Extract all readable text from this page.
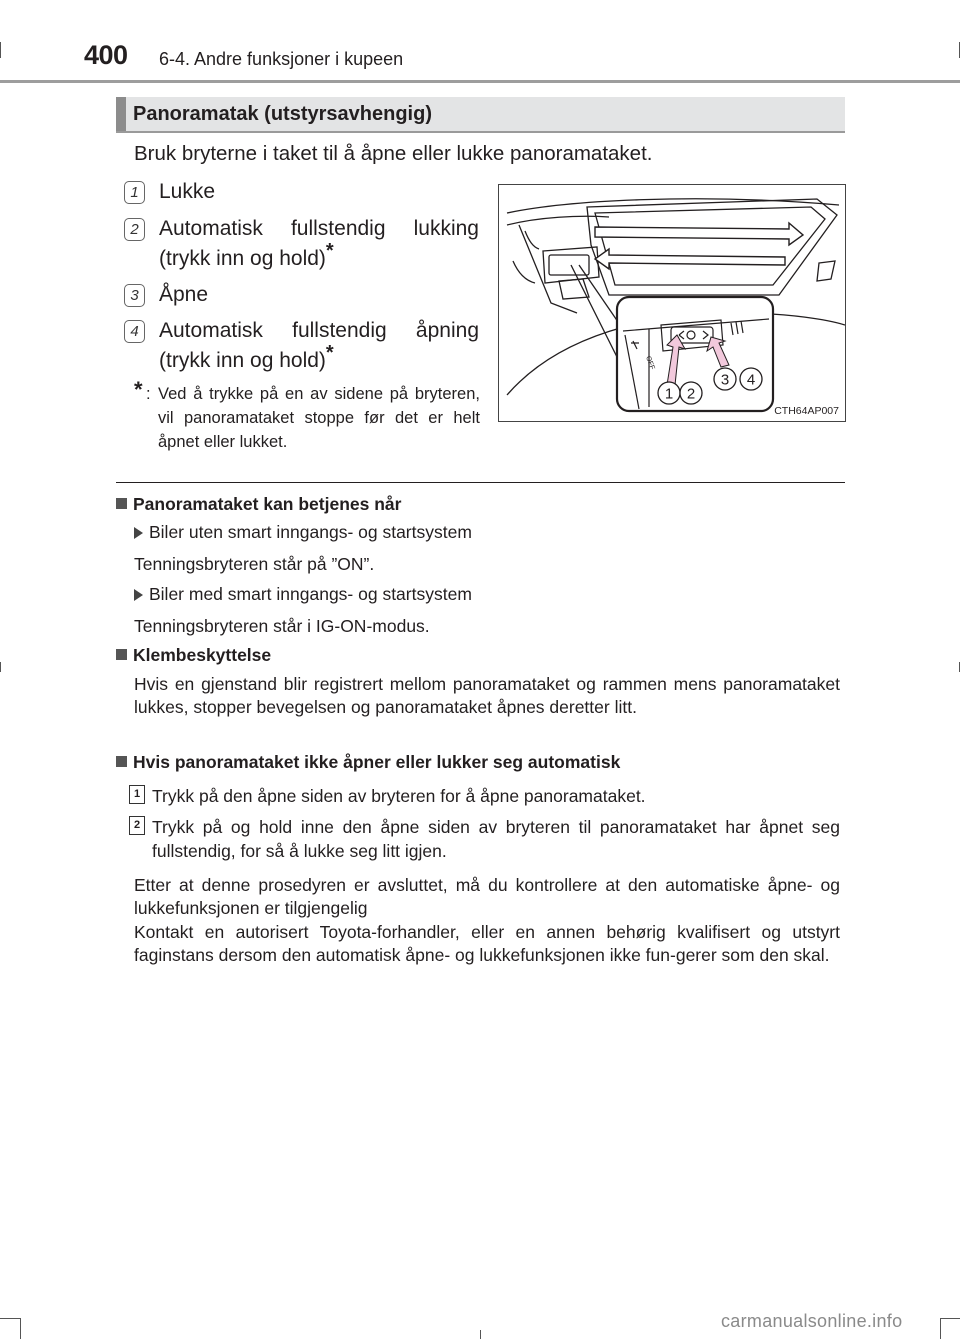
400 6-4. Andre funksjoner i kupeen
Panoramatak (utstyrsavhengig)
Bruk bryterne i taket til å åpne eller lukke panoramataket.
1 Lukke
2 Automatisk fullstendig lukking (trykk inn og hold)*
3 Åpne
4 Automatisk fullstendig åpning (trykk inn og hold)*
* : Ved å trykke på en av sidene på bryteren, vil panoramataket stoppe før det er helt åpnet eller lukket.
OFF
1 2
3 4
CTH64AP007
Panoramataket kan betjenes når
Biler uten smart inngangs- og startsystem
Tenningsbryteren står på ”ON”.
Biler med smart inngangs- og startsystem
Tenningsbryteren står i IG-ON-modus.
Klembeskyttelse
Hvis en gjenstand blir registrert mellom panoramataket og rammen mens panoramataket lukkes, stopper bevegelsen og panoramataket åpnes deretter litt.
Hvis panoramataket ikke åpner eller lukker seg automatisk
1 Trykk på den åpne siden av bryteren for å åpne panoramataket.
2 Trykk på og hold inne den åpne siden av bryteren til panoramataket har åpnet seg fullstendig, for så å lukke seg litt igjen.
Etter at denne prosedyren er avsluttet, må du kontrollere at den automatiske åpne- og lukkefunksjonen er tilgjengelig
Kontakt en autorisert Toyota-forhandler, eller en annen behørig kvalifisert og utstyrt faginstans dersom den automatisk åpne- og lukkefunksjonen ikke fun-gerer som den skal.
carmanualsonline.info
